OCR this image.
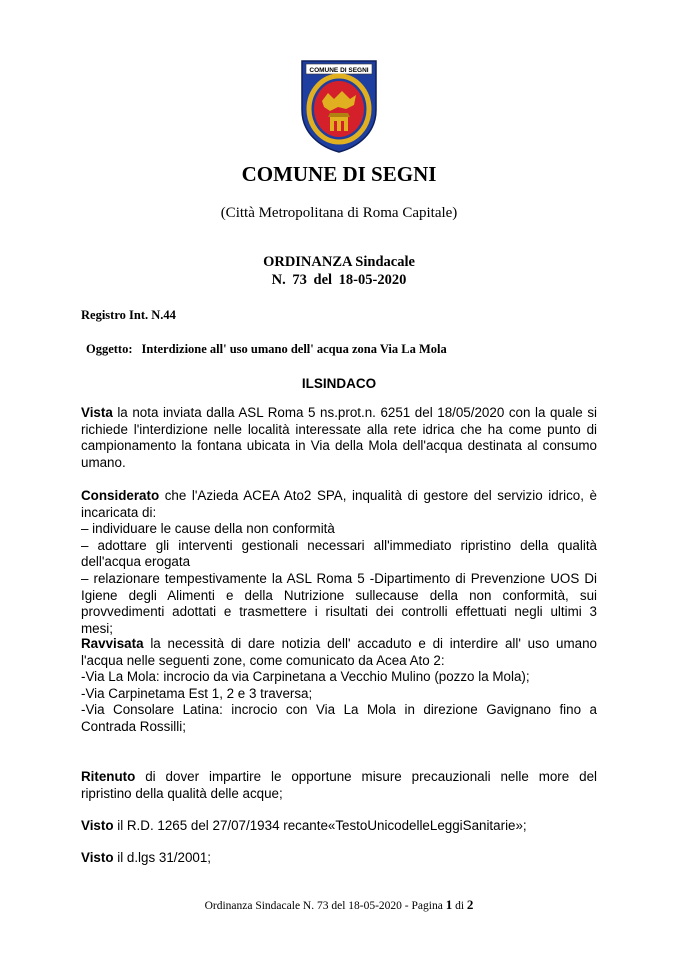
COMUNE DI SEGNI
COMUNE DI SEGNI
(Città Metropolitana di Roma Capitale)
ORDINANZA Sindacale
N. 73 del 18-05-2020
Registro Int. N.44
Oggetto: Interdizione all' uso umano dell' acqua zona Via La Mola
ILSINDACO
Vista la nota inviata dalla ASL Roma 5 ns.prot.n. 6251 del 18/05/2020 con la quale si
richiede l'interdizione nelle località interessate alla rete idrica che ha come punto di
campionamento la fontana ubicata in Via della Mola dell'acqua destinata al consumo
umano.
Considerato che l'Azieda ACEA Ato2 SPA, inqualità di gestore del servizio idrico, è
incaricata di:
– individuare le cause della non conformità
– adottare gli interventi gestionali necessari all'immediato ripristino della qualità
dell'acqua erogata
– relazionare tempestivamente la ASL Roma 5 -Dipartimento di Prevenzione UOS Di
Igiene degli Alimenti e della Nutrizione sullecause della non conformità, sui
provvedimenti adottati e trasmettere i risultati dei controlli effettuati negli ultimi 3
mesi;
Ravvisata la necessità di dare notizia dell' accaduto e di interdire all' uso umano
l'acqua nelle seguenti zone, come comunicato da Acea Ato 2:
-Via La Mola: incrocio da via Carpinetana a Vecchio Mulino (pozzo la Mola);
-Via Carpinetama Est 1, 2 e 3 traversa;
-Via Consolare Latina: incrocio con Via La Mola in direzione Gavignano fino a
Contrada Rossilli;
Ritenuto di dover impartire le opportune misure precauzionali nelle more del
ripristino della qualità delle acque;
Visto il R.D. 1265 del 27/07/1934 recante«TestoUnicodelleLeggiSanitarie»;
Visto il d.lgs 31/2001;
Ordinanza Sindacale N. 73 del 18-05-2020 - Pagina 1 di 2
